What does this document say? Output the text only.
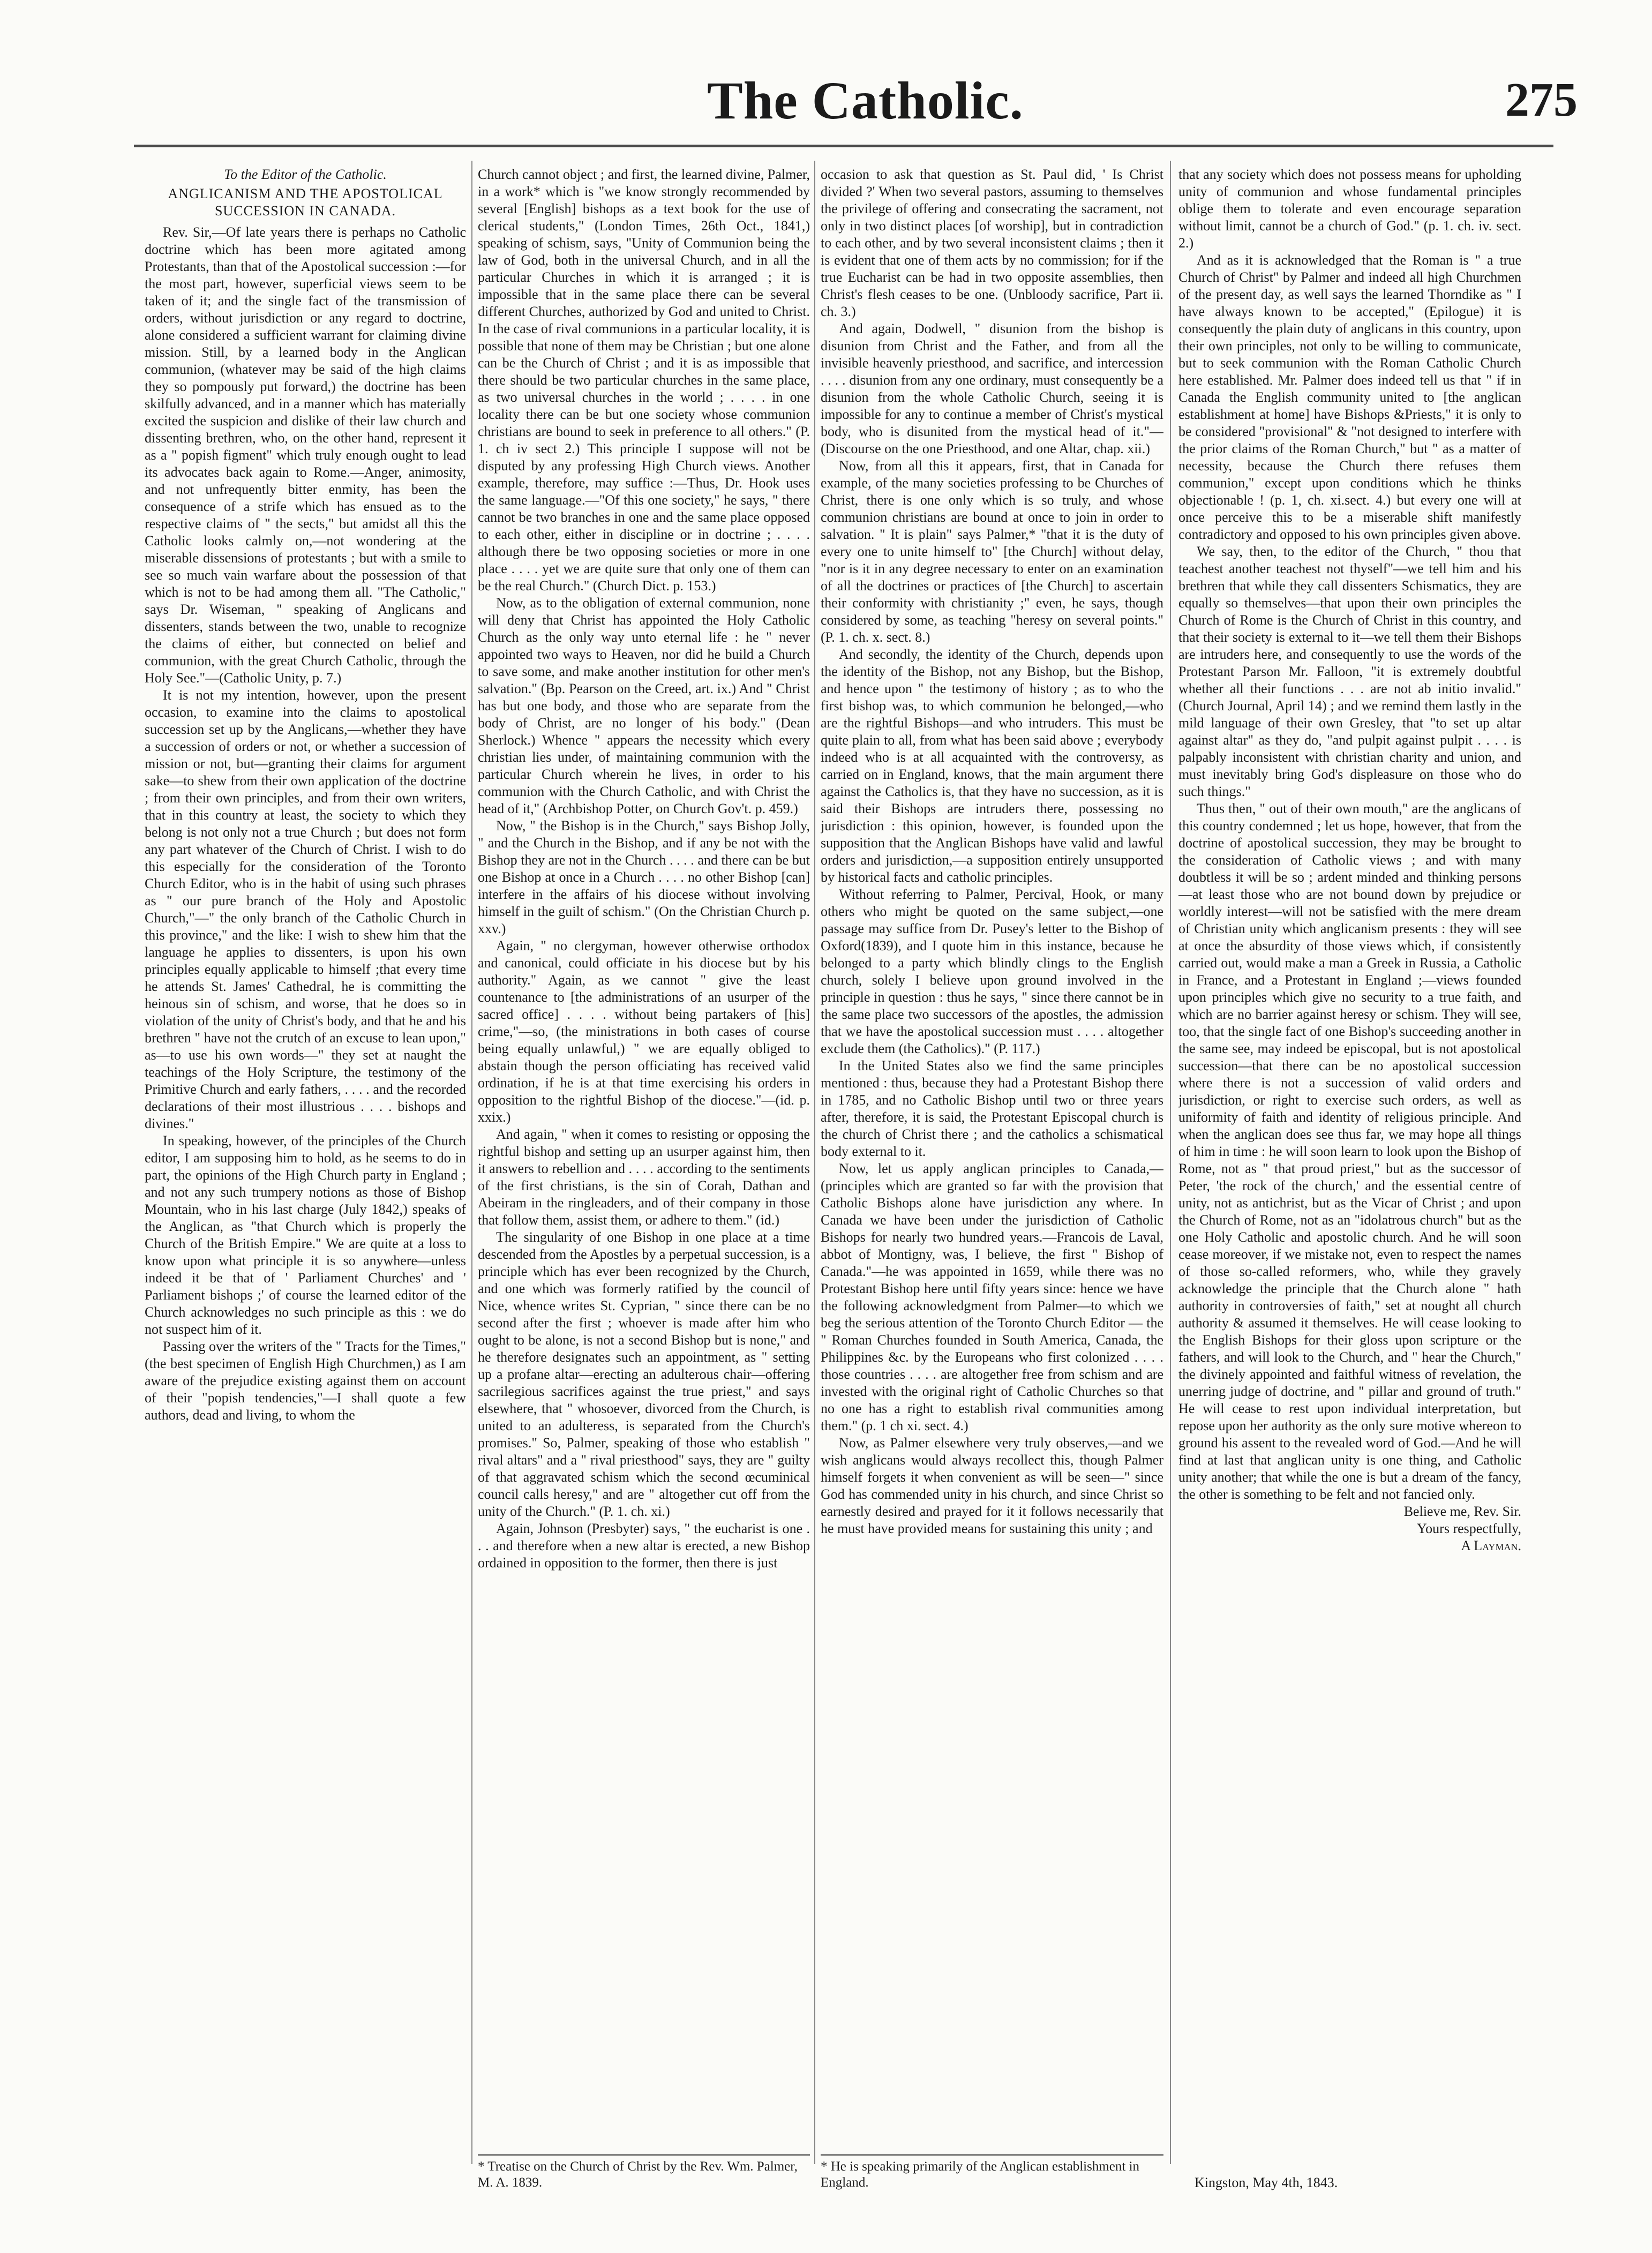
The Catholic.	275

To the Editor of the Catholic.

ANGLICANISM AND THE APOSTOLICAL SUCCESSION IN CANADA.

Rev. Sir,—Of late years there is perhaps no Catholic doctrine which has been more agitated among Protestants, than that of the Apostolical succession :—for the most part, however, superficial views seem to be taken of it; and the single fact of the transmission of orders, without jurisdiction or any regard to doctrine, alone considered a sufficient warrant for claiming divine mission. Still, by a learned body in the Anglican communion, (whatever may be said of the high claims they so pompously put forward,) the doctrine has been skilfully advanced, and in a manner which has materially excited the suspicion and dislike of their law church and dissenting brethren, who, on the other hand, represent it as a " popish figment" which truly enough ought to lead its advocates back again to Rome.—Anger, animosity, and not unfrequently bitter enmity, has been the consequence of a strife which has ensued as to the respective claims of " the sects," but amidst all this the Catholic looks calmly on,—not wondering at the miserable dissensions of protestants ; but with a smile to see so much vain warfare about the possession of that which is not to be had among them all. "The Catholic," says Dr. Wiseman, " speaking of Anglicans and dissenters, stands between the two, unable to recognize the claims of either, but connected on belief and communion, with the great Church Catholic, through the Holy See."—(Catholic Unity, p. 7.)

It is not my intention, however, upon the present occasion, to examine into the claims to apostolical succession set up by the Anglicans,—whether they have a succession of orders or not, or whether a succession of mission or not, but—granting their claims for argument sake—to shew from their own application of the doctrine ; from their own principles, and from their own writers, that in this country at least, the society to which they belong is not only not a true Church ; but does not form any part whatever of the Church of Christ. I wish to do this especially for the consideration of the Toronto Church Editor, who is in the habit of using such phrases as " our pure branch of the Holy and Apostolic Church,"—" the only branch of the Catholic Church in this province," and the like: I wish to shew him that the language he applies to dissenters, is upon his own principles equally applicable to himself ;that every time he attends St. James' Cathedral, he is committing the heinous sin of schism, and worse, that he does so in violation of the unity of Christ's body, and that he and his brethren " have not the crutch of an excuse to lean upon," as—to use his own words—" they set at naught the teachings of the Holy Scripture, the testimony of the Primitive Church and early fathers, . . . . and the recorded declarations of their most illustrious . . . . bishops and divines."

In speaking, however, of the principles of the Church editor, I am supposing him to hold, as he seems to do in part, the opinions of the High Church party in England ; and not any such trumpery notions as those of Bishop Mountain, who in his last charge (July 1842,) speaks of the Anglican, as "that Church which is properly the Church of the British Empire." We are quite at a loss to know upon what principle it is so anywhere—unless indeed it be that of ' Parliament Churches' and ' Parliament bishops ;' of course the learned editor of the Church acknowledges no such principle as this : we do not suspect him of it.

Passing over the writers of the " Tracts for the Times," (the best specimen of English High Churchmen,) as I am aware of the prejudice existing against them on account of their "popish tendencies,"—I shall quote a few authors, dead and living, to whom the

Church cannot object ; and first, the learned divine, Palmer, in a work* which is "we know strongly recommended by several [English] bishops as a text book for the use of clerical students," (London Times, 26th Oct., 1841,) speaking of schism, says, "Unity of Communion being the law of God, both in the universal Church, and in all the particular Churches in which it is arranged ; it is impossible that in the same place there can be several different Churches, authorized by God and united to Christ. In the case of rival communions in a particular locality, it is possible that none of them may be Christian ; but one alone can be the Church of Christ ; and it is as impossible that there should be two particular churches in the same place, as two universal churches in the world ; . . . . in one locality there can be but one society whose communion christians are bound to seek in preference to all others." (P. 1. ch iv sect 2.) This principle I suppose will not be disputed by any professing High Church views. Another example, therefore, may suffice :—Thus, Dr. Hook uses the same language.—"Of this one society," he says, " there cannot be two branches in one and the same place opposed to each other, either in discipline or in doctrine ; . . . . although there be two opposing societies or more in one place . . . . yet we are quite sure that only one of them can be the real Church." (Church Dict. p. 153.)

Now, as to the obligation of external communion, none will deny that Christ has appointed the Holy Catholic Church as the only way unto eternal life : he " never appointed two ways to Heaven, nor did he build a Church to save some, and make another institution for other men's salvation." (Bp. Pearson on the Creed, art. ix.) And " Christ has but one body, and those who are separate from the body of Christ, are no longer of his body." (Dean Sherlock.) Whence " appears the necessity which every christian lies under, of maintaining communion with the particular Church wherein he lives, in order to his communion with the Church Catholic, and with Christ the head of it," (Archbishop Potter, on Church Gov't. p. 459.)

Now, " the Bishop is in the Church," says Bishop Jolly, " and the Church in the Bishop, and if any be not with the Bishop they are not in the Church . . . . and there can be but one Bishop at once in a Church . . . . no other Bishop [can] interfere in the affairs of his diocese without involving himself in the guilt of schism." (On the Christian Church p. xxv.)

Again, " no clergyman, however otherwise orthodox and canonical, could officiate in his diocese but by his authority." Again, as we cannot " give the least countenance to [the administrations of an usurper of the sacred office] . . . . without being partakers of [his] crime,"—so, (the ministrations in both cases of course being equally unlawful,) " we are equally obliged to abstain though the person officiating has received valid ordination, if he is at that time exercising his orders in opposition to the rightful Bishop of the diocese."—(id. p. xxix.)

And again, " when it comes to resisting or opposing the rightful bishop and setting up an usurper against him, then it answers to rebellion and . . . . according to the sentiments of the first christians, is the sin of Corah, Dathan and Abeiram in the ringleaders, and of their company in those that follow them, assist them, or adhere to them." (id.)

The singularity of one Bishop in one place at a time descended from the Apostles by a perpetual succession, is a principle which has ever been recognized by the Church, and one which was formerly ratified by the council of Nice, whence writes St. Cyprian, " since there can be no second after the first ; whoever is made after him who ought to be alone, is not a second Bishop but is none," and he therefore designates such an appointment, as " setting up a profane altar—erecting an adulterous chair—offering sacrilegious sacrifices against the true priest," and says elsewhere, that " whosoever, divorced from the Church, is united to an adulteress, is separated from the Church's promises." So, Palmer, speaking of those who establish " rival altars" and a " rival priesthood" says, they are " guilty of that aggravated schism which the second œcuminical council calls heresy," and are " altogether cut off from the unity of the Church." (P. 1. ch. xi.)

Again, Johnson (Presbyter) says, " the eucharist is one . . . and therefore when a new altar is erected, a new Bishop ordained in opposition to the former, then there is just

occasion to ask that question as St. Paul did, ' Is Christ divided ?' When two several pastors, assuming to themselves the privilege of offering and consecrating the sacrament, not only in two distinct places [of worship], but in contradiction to each other, and by two several inconsistent claims ; then it is evident that one of them acts by no commission; for if the true Eucharist can be had in two opposite assemblies, then Christ's flesh ceases to be one. (Unbloody sacrifice, Part ii. ch. 3.)

And again, Dodwell, " disunion from the bishop is disunion from Christ and the Father, and from all the invisible heavenly priesthood, and sacrifice, and intercession . . . . disunion from any one ordinary, must consequently be a disunion from the whole Catholic Church, seeing it is impossible for any to continue a member of Christ's mystical body, who is disunited from the mystical head of it."—(Discourse on the one Priesthood, and one Altar, chap. xii.)

Now, from all this it appears, first, that in Canada for example, of the many societies professing to be Churches of Christ, there is one only which is so truly, and whose communion christians are bound at once to join in order to salvation. " It is plain" says Palmer,* "that it is the duty of every one to unite himself to" [the Church] without delay, "nor is it in any degree necessary to enter on an examination of all the doctrines or practices of [the Church] to ascertain their conformity with christianity ;" even, he says, though considered by some, as teaching "heresy on several points." (P. 1. ch. x. sect. 8.)

And secondly, the identity of the Church, depends upon the identity of the Bishop, not any Bishop, but the Bishop, and hence upon " the testimony of history ; as to who the first bishop was, to which communion he belonged,—who are the rightful Bishops—and who intruders. This must be quite plain to all, from what has been said above ; everybody indeed who is at all acquainted with the controversy, as carried on in England, knows, that the main argument there against the Catholics is, that they have no succession, as it is said their Bishops are intruders there, possessing no jurisdiction : this opinion, however, is founded upon the supposition that the Anglican Bishops have valid and lawful orders and jurisdiction,—a supposition entirely unsupported by historical facts and catholic principles.

Without referring to Palmer, Percival, Hook, or many others who might be quoted on the same subject,—one passage may suffice from Dr. Pusey's letter to the Bishop of Oxford(1839), and I quote him in this instance, because he belonged to a party which blindly clings to the English church, solely I believe upon ground involved in the principle in question : thus he says, " since there cannot be in the same place two successors of the apostles, the admission that we have the apostolical succession must . . . . altogether exclude them (the Catholics)." (P. 117.)

In the United States also we find the same principles mentioned : thus, because they had a Protestant Bishop there in 1785, and no Catholic Bishop until two or three years after, therefore, it is said, the Protestant Episcopal church is the church of Christ there ; and the catholics a schismatical body external to it.

Now, let us apply anglican principles to Canada,—(principles which are granted so far with the provision that Catholic Bishops alone have jurisdiction any where. In Canada we have been under the jurisdiction of Catholic Bishops for nearly two hundred years.—Francois de Laval, abbot of Montigny, was, I believe, the first " Bishop of Canada."—he was appointed in 1659, while there was no Protestant Bishop here until fifty years since: hence we have the following acknowledgment from Palmer—to which we beg the serious attention of the Toronto Church Editor — the " Roman Churches founded in South America, Canada, the Philippines &c. by the Europeans who first colonized . . . . those countries . . . . are altogether free from schism and are invested with the original right of Catholic Churches so that no one has a right to establish rival communities among them." (p. 1 ch xi. sect. 4.)

Now, as Palmer elsewhere very truly observes,—and we wish anglicans would always recollect this, though Palmer himself forgets it when convenient as will be seen—" since God has commended unity in his church, and since Christ so earnestly desired and prayed for it it follows necessarily that he must have provided means for sustaining this unity ; and

that any society which does not possess means for upholding unity of communion and whose fundamental principles oblige them to tolerate and even encourage separation without limit, cannot be a church of God." (p. 1. ch. iv. sect. 2.)

And as it is acknowledged that the Roman is " a true Church of Christ" by Palmer and indeed all high Churchmen of the present day, as well says the learned Thorndike as " I have always known to be accepted," (Epilogue) it is consequently the plain duty of anglicans in this country, upon their own principles, not only to be willing to communicate, but to seek communion with the Roman Catholic Church here established. Mr. Palmer does indeed tell us that " if in Canada the English community united to [the anglican establishment at home] have Bishops &Priests," it is only to be considered "provisional" & "not designed to interfere with the prior claims of the Roman Church," but " as a matter of necessity, because the Church there refuses them communion," except upon conditions which he thinks objectionable ! (p. 1, ch. xi.sect. 4.) but every one will at once perceive this to be a miserable shift manifestly contradictory and opposed to his own principles given above.

We say, then, to the editor of the Church, " thou that teachest another teachest not thyself"—we tell him and his brethren that while they call dissenters Schismatics, they are equally so themselves—that upon their own principles the Church of Rome is the Church of Christ in this country, and that their society is external to it—we tell them their Bishops are intruders here, and consequently to use the words of the Protestant Parson Mr. Falloon, "it is extremely doubtful whether all their functions . . . are not ab initio invalid." (Church Journal, April 14) ; and we remind them lastly in the mild language of their own Gresley, that "to set up altar against altar" as they do, "and pulpit against pulpit . . . . is palpably inconsistent with christian charity and union, and must inevitably bring God's displeasure on those who do such things."

Thus then, " out of their own mouth," are the anglicans of this country condemned ; let us hope, however, that from the doctrine of apostolical succession, they may be brought to the consideration of Catholic views ; and with many doubtless it will be so ; ardent minded and thinking persons—at least those who are not bound down by prejudice or worldly interest—will not be satisfied with the mere dream of Christian unity which anglicanism presents : they will see at once the absurdity of those views which, if consistently carried out, would make a man a Greek in Russia, a Catholic in France, and a Protestant in England ;—views founded upon principles which give no security to a true faith, and which are no barrier against heresy or schism. They will see, too, that the single fact of one Bishop's succeeding another in the same see, may indeed be episcopal, but is not apostolical succession—that there can be no apostolical succession where there is not a succession of valid orders and jurisdiction, or right to exercise such orders, as well as uniformity of faith and identity of religious principle. And when the anglican does see thus far, we may hope all things of him in time : he will soon learn to look upon the Bishop of Rome, not as " that proud priest," but as the successor of Peter, 'the rock of the church,' and the essential centre of unity, not as antichrist, but as the Vicar of Christ ; and upon the Church of Rome, not as an "idolatrous church" but as the one Holy Catholic and apostolic church. And he will soon cease moreover, if we mistake not, even to respect the names of those so-called reformers, who, while they gravely acknowledge the principle that the Church alone " hath authority in controversies of faith," set at nought all church authority & assumed it themselves. He will cease looking to the English Bishops for their gloss upon scripture or the fathers, and will look to the Church, and " hear the Church," the divinely appointed and faithful witness of revelation, the unerring judge of doctrine, and " pillar and ground of truth." He will cease to rest upon individual interpretation, but repose upon her authority as the only sure motive whereon to ground his assent to the revealed word of God.—And he will find at last that anglican unity is one thing, and Catholic unity another; that while the one is but a dream of the fancy, the other is something to be felt and not fancied only.

Believe me, Rev. Sir.

Yours respectfully,

A Layman.

* Treatise on the Church of Christ by the Rev. Wm. Palmer, M. A. 1839.
* He is speaking primarily of the Anglican establishment in England.	Kingston, May 4th, 1843.
